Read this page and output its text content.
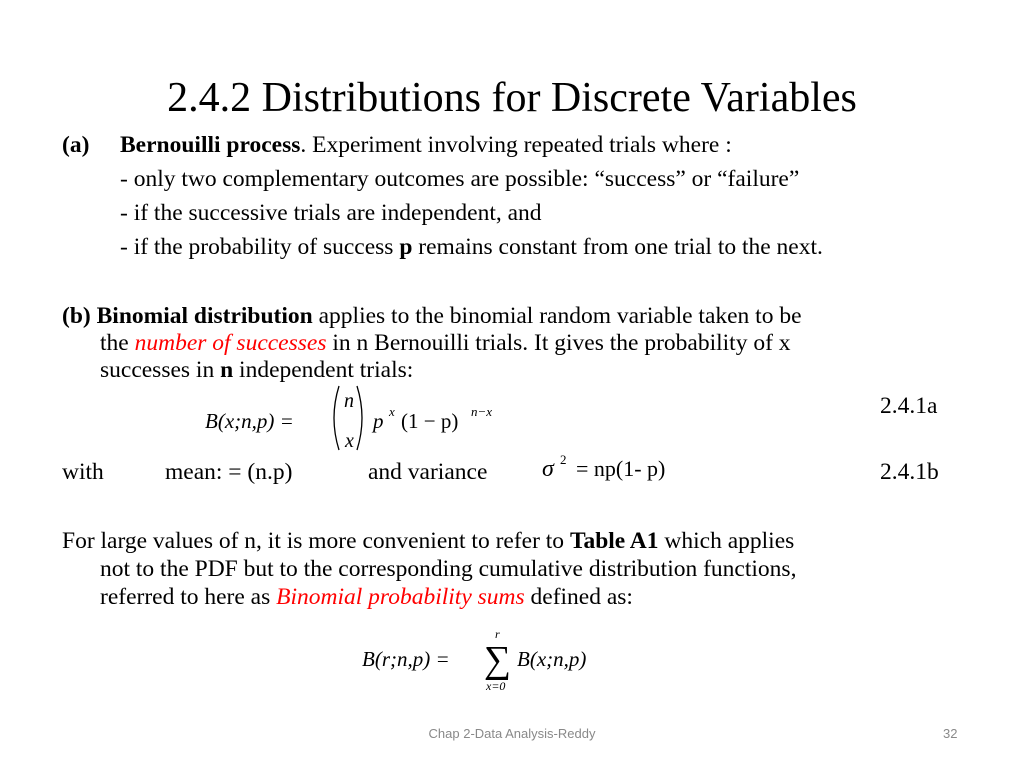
2.4.2 Distributions for Discrete Variables
(a) Bernouilli process. Experiment involving repeated trials where :
- only two complementary outcomes are possible: “success” or “failure”
- if the successive trials are independent, and
- if the probability of success p remains constant from one trial to the next.
(b) Binomial distribution applies to the binomial random variable taken to be
the number of successes in n Bernouilli trials. It gives the probability of x
successes in n independent trials:
B(x;n,p) =
n
x
p x (1 − p) n−x	2.4.1a
with	mean: = (n.p)	and variance σ 2 = np(1- p)	2.4.1b
For large values of n, it is more convenient to refer to Table A1 which applies
not to the PDF but to the corresponding cumulative distribution functions,
referred to here as Binomial probability sums defined as:
B(r;n,p) =
r
∑
x=0
B(x;n,p)
Chap 2-Data Analysis-Reddy	32
